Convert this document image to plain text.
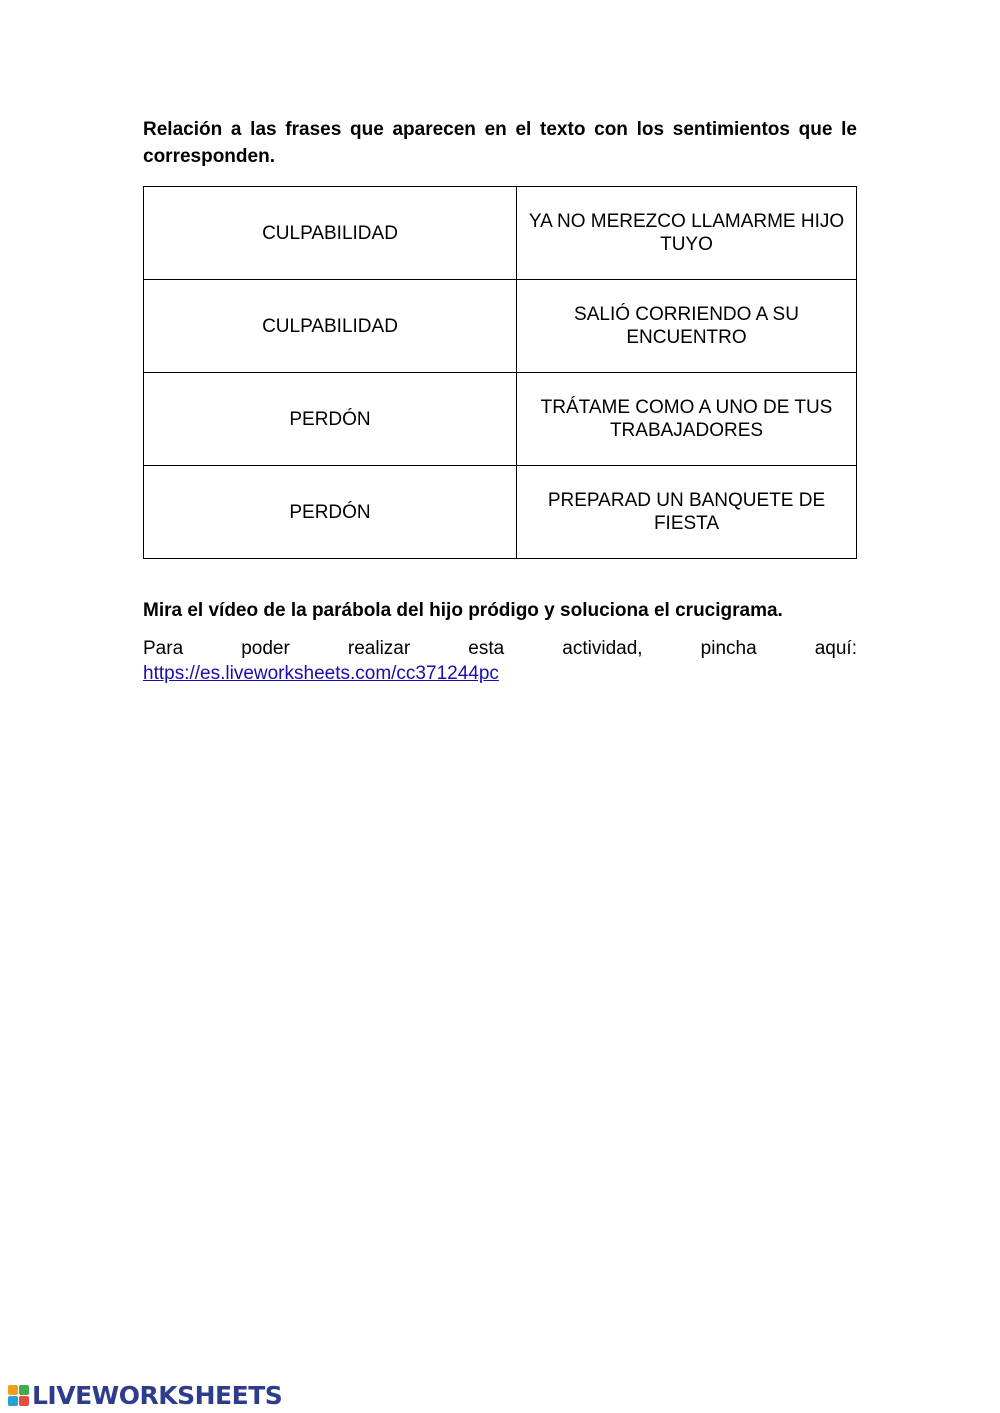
Relación a las frases que aparecen en el texto con los sentimientos que le corresponden.

CULPABILIDAD	YA NO MEREZCO LLAMARME HIJO TUYO
CULPABILIDAD	SALIÓ CORRIENDO A SU ENCUENTRO
PERDÓN	TRÁTAME COMO A UNO DE TUS TRABAJADORES
PERDÓN	PREPARAD UN BANQUETE DE FIESTA

Mira el vídeo de la parábola del hijo pródigo y soluciona el crucigrama.

Para	poder	realizar	esta	actividad,	pincha	aquí:
https://es.liveworksheets.com/cc371244pc
LIVEWORKSHEETS
